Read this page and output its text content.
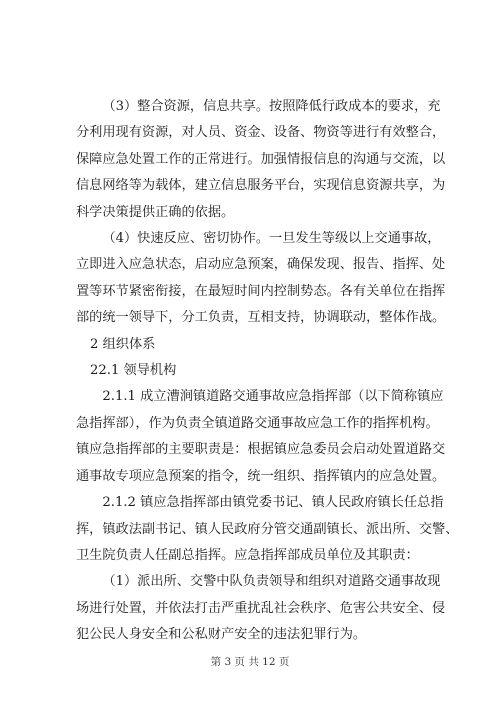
（3）整合资源，信息共享。按照降低行政成本的要求，充
分利用现有资源，对人员、资金、设备、物资等进行有效整合，
保障应急处置工作的正常进行。加强情报信息的沟通与交流，以
信息网络等为载体，建立信息服务平台，实现信息资源共享，为
科学决策提供正确的依据。
（4）快速反应、密切协作。一旦发生等级以上交通事故，
立即进入应急状态，启动应急预案，确保发现、报告、指挥、处
置等环节紧密衔接，在最短时间内控制势态。各有关单位在指挥
部的统一领导下，分工负责，互相支持，协调联动，整体作战。

2 组织体系

22.1 领导机构

2.1.1 成立漕涧镇道路交通事故应急指挥部（以下简称镇应
急指挥部），作为负责全镇道路交通事故应急工作的指挥机构。
镇应急指挥部的主要职责是：根据镇应急委员会启动处置道路交
通事故专项应急预案的指令，统一组织、指挥镇内的应急处置。
2.1.2 镇应急指挥部由镇党委书记、镇人民政府镇长任总指
挥，镇政法副书记、镇人民政府分管交通副镇长、派出所、交警、
卫生院负责人任副总指挥。应急指挥部成员单位及其职责：
（1）派出所、交警中队负责领导和组织对道路交通事故现
场进行处置，并依法打击严重扰乱社会秩序、危害公共安全、侵
犯公民人身安全和公私财产安全的违法犯罪行为。
第 3 页 共 12 页
